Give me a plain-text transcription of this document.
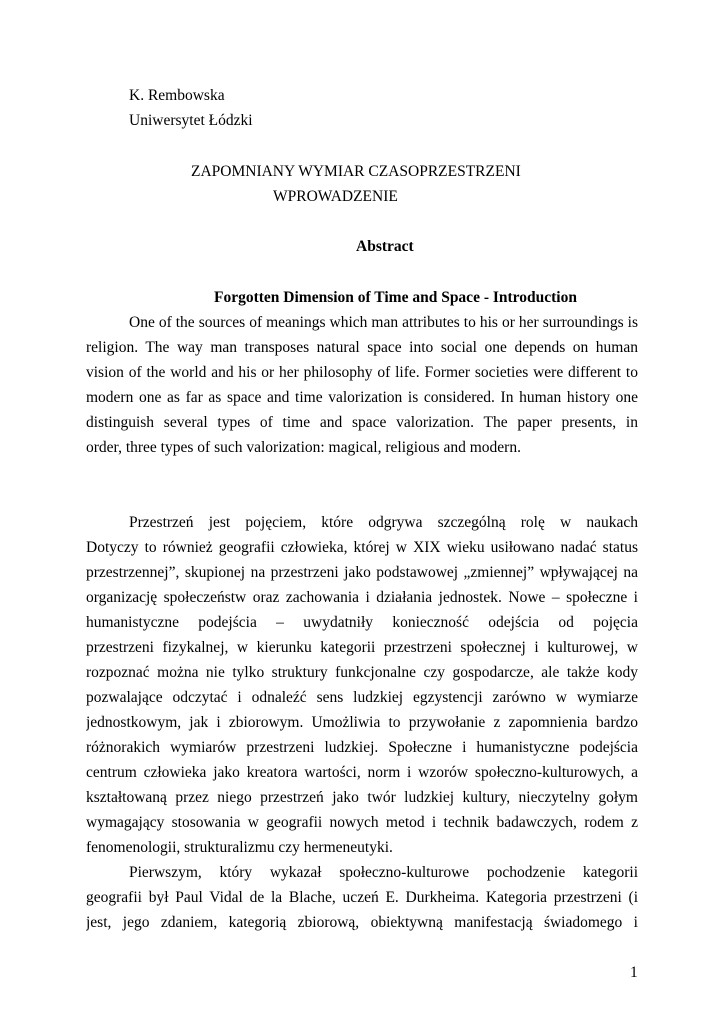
K. Rembowska
Uniwersytet Łódzki
ZAPOMNIANY WYMIAR CZASOPRZESTRZENI
WPROWADZENIE
Abstract
Forgotten Dimension of Time and Space - Introduction
One of the sources of meanings which man attributes to his or her surroundings is
religion. The way man transposes natural space into social one depends on human
vision of the world and his or her philosophy of life. Former societies were different to
modern one as far as space and time valorization is considered. In human history one
distinguish several types of time and space valorization. The paper presents, in
order, three types of such valorization: magical, religious and modern.
Przestrzeń jest pojęciem, które odgrywa szczególną rolę w naukach
Dotyczy to również geografii człowieka, której w XIX wieku usiłowano nadać status
przestrzennej”, skupionej na przestrzeni jako podstawowej „zmiennej” wpływającej na
organizację społeczeństw oraz zachowania i działania jednostek. Nowe – społeczne i
humanistyczne podejścia – uwydatniły konieczność odejścia od pojęcia
przestrzeni fizykalnej, w kierunku kategorii przestrzeni społecznej i kulturowej, w
rozpoznać można nie tylko struktury funkcjonalne czy gospodarcze, ale także kody
pozwalające odczytać i odnaleźć sens ludzkiej egzystencji zarówno w wymiarze
jednostkowym, jak i zbiorowym. Umożliwia to przywołanie z zapomnienia bardzo
różnorakich wymiarów przestrzeni ludzkiej. Społeczne i humanistyczne podejścia
centrum człowieka jako kreatora wartości, norm i wzorów społeczno-kulturowych, a
kształtowaną przez niego przestrzeń jako twór ludzkiej kultury, nieczytelny gołym
wymagający stosowania w geografii nowych metod i technik badawczych, rodem z
fenomenologii, strukturalizmu czy hermeneutyki.
Pierwszym, który wykazał społeczno-kulturowe pochodzenie kategorii
geografii był Paul Vidal de la Blache, uczeń E. Durkheima. Kategoria przestrzeni (i
jest, jego zdaniem, kategorią zbiorową, obiektywną manifestacją świadomego i
1
